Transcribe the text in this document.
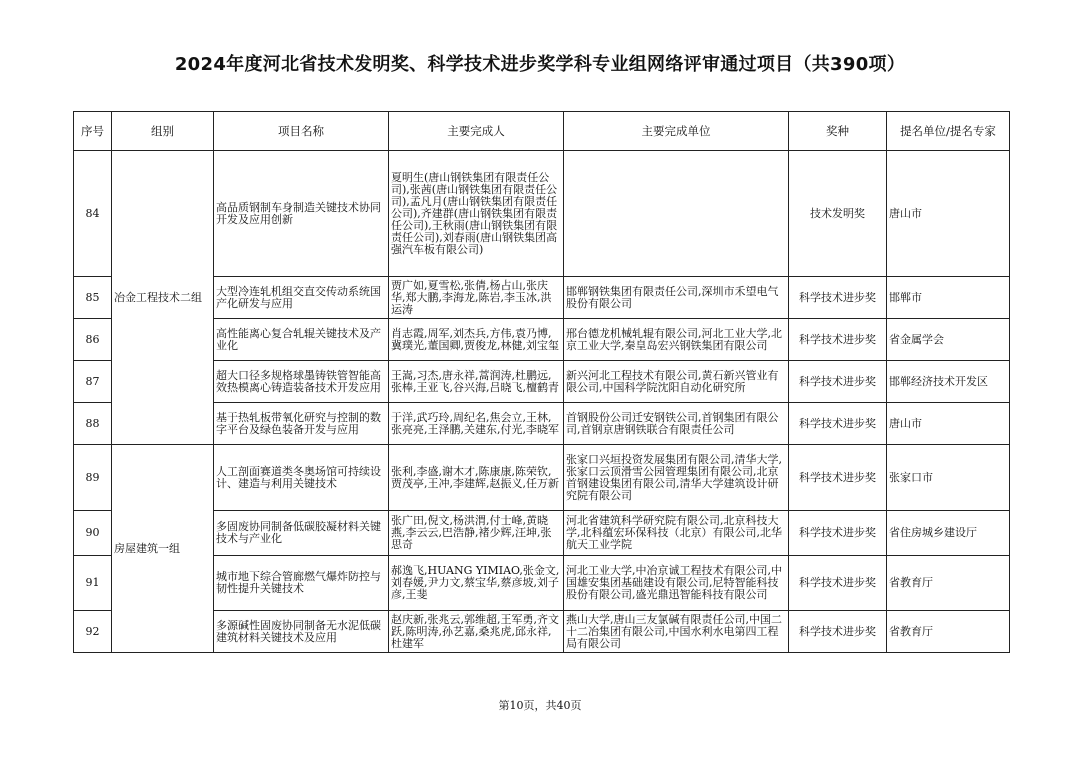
2024年度河北省技术发明奖、科学技术进步奖学科专业组网络评审通过项目（共390项）
序号	组别	项目名称	主要完成人	主要完成单位	奖种	提名单位/提名专家
84	冶金工程技术二组	高品质钢制车身制造关键技术协同开发及应用创新	夏明生(唐山钢铁集团有限责任公司),张茜(唐山钢铁集团有限责任公司),孟凡月(唐山钢铁集团有限责任公司),齐建群(唐山钢铁集团有限责任公司),王秋雨(唐山钢铁集团有限责任公司),刘春雨(唐山钢铁集团高强汽车板有限公司)		技术发明奖	唐山市
85		大型冷连轧机组交直交传动系统国产化研发与应用	贾广如,夏雪松,张倩,杨占山,张庆华,郑大鹏,李海龙,陈岩,李玉冰,洪运涛	邯郸钢铁集团有限责任公司,深圳市禾望电气股份有限公司	科学技术进步奖	邯郸市
86		高性能离心复合轧辊关键技术及产业化	肖志霞,周军,刘杰兵,方伟,袁乃博,冀璞光,董国卿,贾俊龙,林健,刘宝玺	邢台德龙机械轧辊有限公司,河北工业大学,北京工业大学,秦皇岛宏兴钢铁集团有限公司	科学技术进步奖	省金属学会
87		超大口径多规格球墨铸铁管智能高效热模离心铸造装备技术开发应用	王嵩,习杰,唐永祥,蒿润涛,杜鹏远,张棒,王亚飞,谷兴海,吕晓飞,檀鹤青	新兴河北工程技术有限公司,黄石新兴管业有限公司,中国科学院沈阳自动化研究所	科学技术进步奖	邯郸经济技术开发区
88		基于热轧板带氧化研究与控制的数字平台及绿色装备开发与应用	于洋,武巧玲,周纪名,焦会立,王林,张亮亮,王泽鹏,关建东,付光,李晓军	首钢股份公司迁安钢铁公司,首钢集团有限公司,首钢京唐钢铁联合有限责任公司	科学技术进步奖	唐山市
89	房屋建筑一组	人工剖面赛道类冬奥场馆可持续设计、建造与利用关键技术	张利,李盛,谢木才,陈康康,陈荣钦,贾茂亭,王冲,李建辉,赵振义,任万新	张家口兴垣投资发展集团有限公司,清华大学,张家口云顶滑雪公园管理集团有限公司,北京首钢建设集团有限公司,清华大学建筑设计研究院有限公司	科学技术进步奖	张家口市
90		多固废协同制备低碳胶凝材料关键技术与产业化	张广田,倪文,杨洪渭,付士峰,黄晓燕,李云云,巴浩静,褚少辉,汪坤,张思奇	河北省建筑科学研究院有限公司,北京科技大学,北科蕴宏环保科技（北京）有限公司,北华航天工业学院	科学技术进步奖	省住房城乡建设厅
91		城市地下综合管廊燃气爆炸防控与韧性提升关键技术	郝逸飞,HUANG YIMIAO,张金文,刘春媛,尹力文,蔡宝华,蔡彦坡,刘子彦,王斐	河北工业大学,中冶京诚工程技术有限公司,中国雄安集团基础建设有限公司,尼特智能科技股份有限公司,盛光鼎迅智能科技有限公司	科学技术进步奖	省教育厅
92		多源碱性固废协同制备无水泥低碳建筑材料关键技术及应用	赵庆新,张兆云,郭维超,王军勇,齐文跃,陈明涛,孙艺嘉,桑兆虎,邱永祥,杜建军	燕山大学,唐山三友氯碱有限责任公司,中国二十二冶集团有限公司,中国水利水电第四工程局有限公司	科学技术进步奖	省教育厅
第10页，共40页
